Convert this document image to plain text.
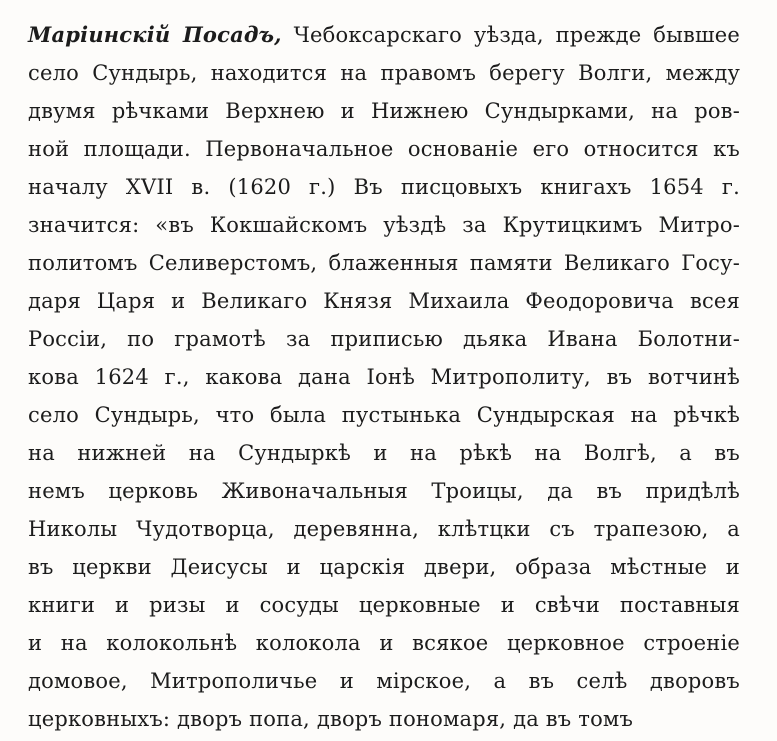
Маріинскій Посадъ, Чебоксарскаго уѣзда, прежде бывшее
село Сундырь, находится на правомъ берегу Волги, между
двумя рѣчками Верхнею и Нижнею Сундырками, на ров-
ной площади. Первоначальное основаніе его относится къ
началу XVII в. (1620 г.) Въ писцовыхъ книгахъ 1654 г.
значится: «въ Кокшайскомъ уѣздѣ за Крутицкимъ Митро-
политомъ Селиверстомъ, блаженныя памяти Великаго Госу-
даря Царя и Великаго Князя Михаила Феодоровича всея
Россіи, по грамотѣ за приписью дьяка Ивана Болотни-
кова 1624 г., какова дана Іонѣ Митрополиту, въ вотчинѣ
село Сундырь, что была пустынька Сундырская на рѣчкѣ
на нижней на Сундыркѣ и на рѣкѣ на Волгѣ, а въ
немъ церковь Живоначальныя Троицы, да въ придѣлѣ
Николы Чудотворца, деревянна, клѣтцки съ трапезою, а
въ церкви Деисусы и царскія двери, образа мѣстные и
книги и ризы и сосуды церковные и свѣчи поставныя
и на колокольнѣ колокола и всякое церковное строеніе
домовое, Митрополичье и мірское, а въ селѣ дворовъ
церковныхъ: дворъ попа, дворъ пономаря, да въ томъ
